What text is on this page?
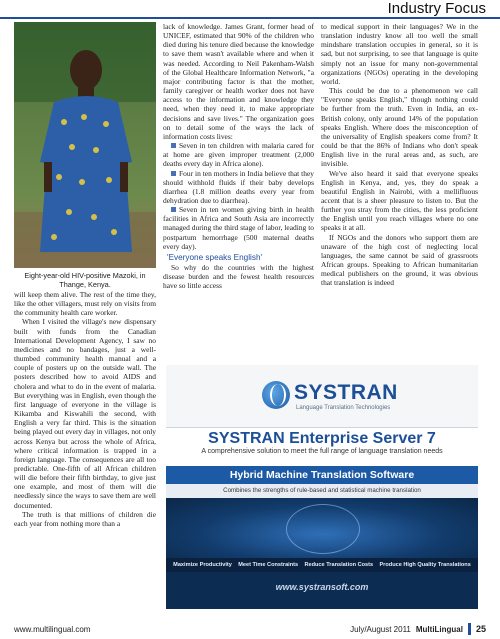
Industry Focus
Eight-year-old HIV-positive Mazoki, in Thange, Kenya.

will keep them alive. The rest of the time they, like the other villagers, must rely on visits from the community health care worker.

When I visited the village's new dispensary built with funds from the Canadian International Development Agency, I saw no medicines and no bandages, just a well-thumbed community health manual and a couple of posters up on the outside wall. The posters described how to avoid AIDS and cholera and what to do in the event of malaria. But everything was in English, even though the first language of everyone in the village is Kikamba and Kiswahili the second, with English a very far third. This is the situation being played out every day in villages, not only across Kenya but across the whole of Africa, where critical information is trapped in a foreign language. The consequences are all too predictable. One-fifth of all African children will die before their fifth birthday, to give just one example, and most of them will die needlessly since the ways to save them are well documented.

The truth is that millions of children die each year from nothing more than a

lack of knowledge. James Grant, former head of UNICEF, estimated that 90% of the children who died during his tenure died because the knowledge to save them wasn't available where and when it was needed. According to Neil Pakenham-Walsh of the Global Healthcare Information Network, "a major contributing factor is that the mother, family caregiver or health worker does not have access to the information and knowledge they need, when they need it, to make appropriate decisions and save lives." The organization goes on to detail some of the ways the lack of information costs lives:

Seven in ten children with malaria cared for at home are given improper treatment (2,000 deaths every day in Africa alone).

Four in ten mothers in India believe that they should withhold fluids if their baby develops diarrhea (1.8 million deaths every year from dehydration due to diarrhea).

Seven in ten women giving birth in health facilities in Africa and South Asia are incorrectly managed during the third stage of labor, leading to postpartum hemorrhage (500 maternal deaths every day).

'Everyone speaks English'

So why do the countries with the highest disease burden and the fewest health resources have so little access

to medical support in their languages? We in the translation industry know all too well the small mindshare translation occupies in general, so it is sad, but not surprising, to see that language is quite simply not an issue for many non-governmental organizations (NGOs) operating in the developing world.

This could be due to a phenomenon we call "Everyone speaks English," though nothing could be further from the truth. Even in India, an ex-British colony, only around 14% of the population speaks English. Where does the misconception of the universality of English speakers come from? It could be that the 86% of Indians who don't speak English live in the rural areas and, as such, are invisible.

We've also heard it said that everyone speaks English in Kenya, and, yes, they do speak a beautiful English in Nairobi, with a mellifluous accent that is a sheer pleasure to listen to. But the further you stray from the cities, the less proficient the English until you reach villages where no one speaks it at all.

If NGOs and the donors who support them are unaware of the high cost of neglecting local languages, the same cannot be said of grassroots African groups. Speaking to African humanitarian medical publishers on the ground, it was obvious that translation is indeed

SYSTRAN
Language Translation Technologies
SYSTRAN Enterprise Server 7
A comprehensive solution to meet the full range of language translation needs
Hybrid Machine Translation Software
Combines the strengths of rule-based and statistical machine translation
Maximize Productivity Meet Time Constraints Reduce Translation Costs Produce High Quality Translations
www.systransoft.com
www.multilingual.com	July/August 2011 MultiLingual 25
